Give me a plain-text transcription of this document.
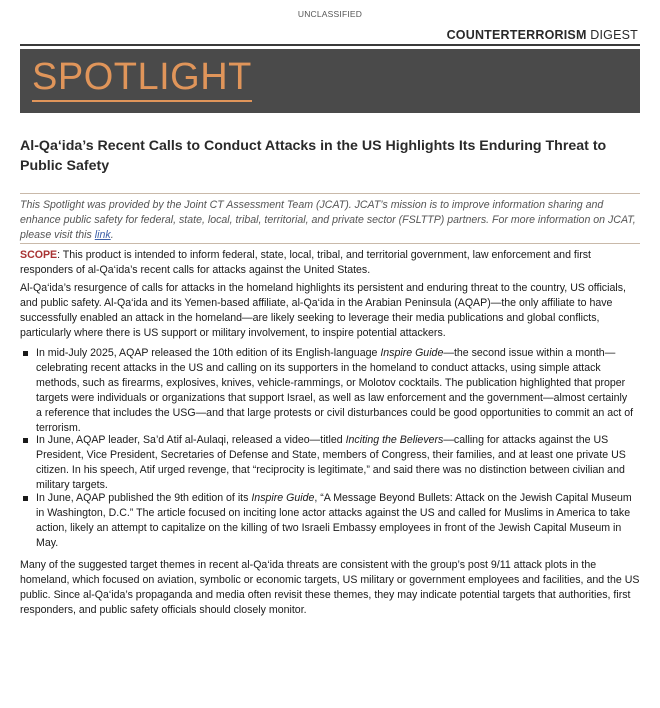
UNCLASSIFIED
COUNTERTERRORISM DIGEST
SPOTLIGHT
Al-Qa‘ida’s Recent Calls to Conduct Attacks in the US Highlights Its Enduring Threat to Public Safety
This Spotlight was provided by the Joint CT Assessment Team (JCAT). JCAT’s mission is to improve information sharing and enhance public safety for federal, state, local, tribal, territorial, and private sector (FSLTTP) partners. For more information on JCAT, please visit this link.
SCOPE: This product is intended to inform federal, state, local, tribal, and territorial government, law enforcement and first responders of al-Qa‘ida’s recent calls for attacks against the United States.
Al-Qa‘ida’s resurgence of calls for attacks in the homeland highlights its persistent and enduring threat to the country, US officials, and public safety. Al-Qa‘ida and its Yemen-based affiliate, al-Qa‘ida in the Arabian Peninsula (AQAP)—the only affiliate to have successfully enabled an attack in the homeland—are likely seeking to leverage their media publications and global conflicts, particularly where there is US support or military involvement, to inspire potential attackers.
In mid-July 2025, AQAP released the 10th edition of its English-language Inspire Guide—the second issue within a month—celebrating recent attacks in the US and calling on its supporters in the homeland to conduct attacks, using simple attack methods, such as firearms, explosives, knives, vehicle-rammings, or Molotov cocktails. The publication highlighted that proper targets were individuals or organizations that support Israel, as well as law enforcement and the government—almost certainly a reference that includes the USG—and that large protests or civil disturbances could be good opportunities to commit an act of terrorism.
In June, AQAP leader, Sa’d Atif al-Aulaqi, released a video—titled Inciting the Believers—calling for attacks against the US President, Vice President, Secretaries of Defense and State, members of Congress, their families, and at least one private US citizen. In his speech, Atif urged revenge, that “reciprocity is legitimate,” and said there was no distinction between civilian and military targets.
In June, AQAP published the 9th edition of its Inspire Guide, “A Message Beyond Bullets: Attack on the Jewish Capital Museum in Washington, D.C.” The article focused on inciting lone actor attacks against the US and called for Muslims in America to take action, likely an attempt to capitalize on the killing of two Israeli Embassy employees in front of the Jewish Capital Museum in May.
Many of the suggested target themes in recent al-Qa‘ida threats are consistent with the group’s post 9/11 attack plots in the homeland, which focused on aviation, symbolic or economic targets, US military or government employees and facilities, and the US public. Since al-Qa‘ida’s propaganda and media often revisit these themes, they may indicate potential targets that authorities, first responders, and public safety officials should closely monitor.
